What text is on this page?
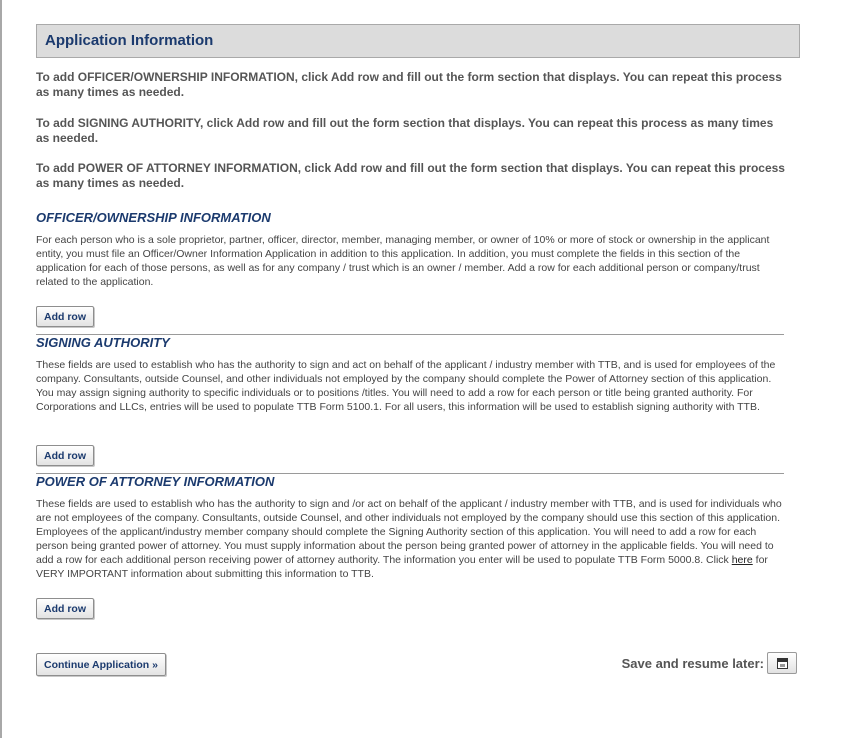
Application Information

To add OFFICER/OWNERSHIP INFORMATION, click Add row and fill out the form section that displays. You can repeat this process as many times as needed.

To add SIGNING AUTHORITY, click Add row and fill out the form section that displays. You can repeat this process as many times as needed.

To add POWER OF ATTORNEY INFORMATION, click Add row and fill out the form section that displays. You can repeat this process as many times as needed.

OFFICER/OWNERSHIP INFORMATION

For each person who is a sole proprietor, partner, officer, director, member, managing member, or owner of 10% or more of stock or ownership in the applicant entity, you must file an Officer/Owner Information Application in addition to this application. In addition, you must complete the fields in this section of the application for each of those persons, as well as for any company / trust which is an owner / member. Add a row for each additional person or company/trust related to the application.

Add row
SIGNING AUTHORITY

These fields are used to establish who has the authority to sign and act on behalf of the applicant / industry member with TTB, and is used for employees of the company. Consultants, outside Counsel, and other individuals not employed by the company should complete the Power of Attorney section of this application. You may assign signing authority to specific individuals or to positions /titles. You will need to add a row for each person or title being granted authority. For Corporations and LLCs, entries will be used to populate TTB Form 5100.1. For all users, this information will be used to establish signing authority with TTB.

Add row
POWER OF ATTORNEY INFORMATION

These fields are used to establish who has the authority to sign and /or act on behalf of the applicant / industry member with TTB, and is used for individuals who are not employees of the company. Consultants, outside Counsel, and other individuals not employed by the company should use this section of this application. Employees of the applicant/industry member company should complete the Signing Authority section of this application. You will need to add a row for each person being granted power of attorney. You must supply information about the person being granted power of attorney in the applicable fields. You will need to add a row for each additional person receiving power of attorney authority. The information you enter will be used to populate TTB Form 5000.8. Click here for VERY IMPORTANT information about submitting this information to TTB.

Add row
Continue Application »	Save and resume later:
